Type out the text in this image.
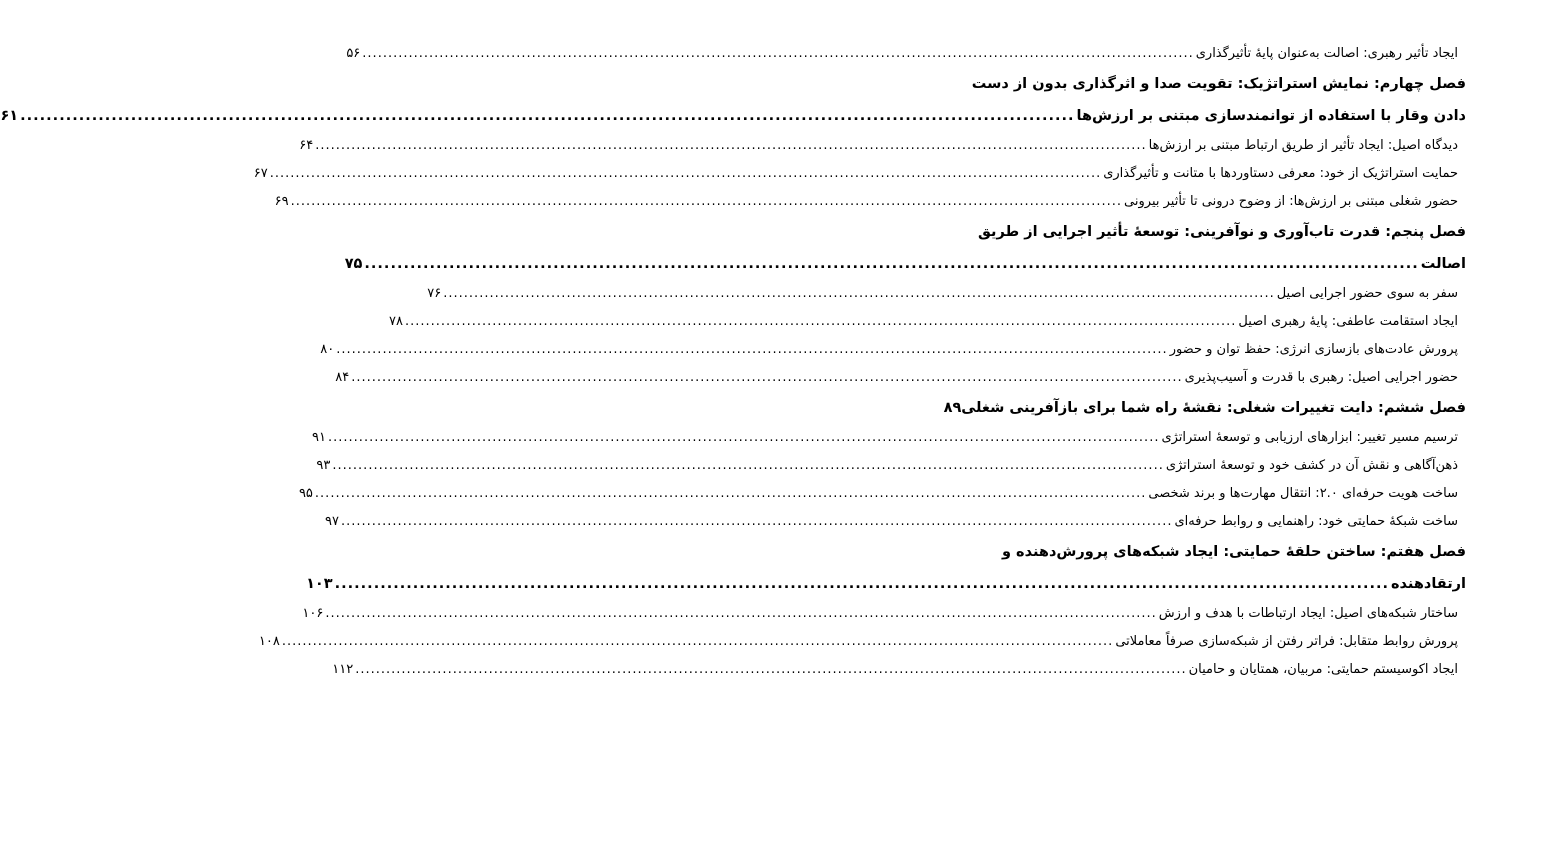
ایجاد تأثیر رهبری: اصالت به‌عنوان پایهٔ تأثیرگذاری
.....
۵۶
فصل چهارم: نمایش استراتژیک: تقویت صدا و اثرگذاری بدون از دست
دادن وقار با استفاده از توانمندسازی مبتنی بر ارزش‌ها
.....
۶۱
دیدگاه اصیل: ایجاد تأثیر از طریق ارتباط مبتنی بر ارزش‌ها
.....
۶۴
حمایت استراتژیک از خود: معرفی دستاوردها با متانت و تأثیرگذاری
.....
۶۷
حضور شغلی مبتنی بر ارزش‌ها: از وضوح درونی تا تأثیر بیرونی
.....
۶۹
فصل پنجم: قدرت تاب‌آوری و نوآفرینی: توسعهٔ تأثیر اجرایی از طریق
اصالت
.....
۷۵
سفر به سوی حضور اجرایی اصیل
.....
۷۶
ایجاد استقامت عاطفی: پایهٔ رهبری اصیل
.....
۷۸
پرورش عادت‌های بازسازی انرژی: حفظ توان و حضور
.....
۸۰
حضور اجرایی اصیل: رهبری با قدرت و آسیب‌پذیری
.....
۸۴
فصل ششم: دایت تغییرات شغلی: نقشهٔ راه شما برای بازآفرینی شغلی
۸۹
ترسیم مسیر تغییر: ابزارهای ارزیابی و توسعهٔ استراتژی
.....
۹۱
ذهن‌آگاهی و نقش آن در کشف خود و توسعهٔ استراتژی
.....
۹۳
ساخت هویت حرفه‌ای ۲.۰: انتقال مهارت‌ها و برند شخصی
.....
۹۵
ساخت شبکهٔ حمایتی خود: راهنمایی و روابط حرفه‌ای
.....
۹۷
فصل هفتم: ساختن حلقهٔ حمایتی: ایجاد شبکه‌های پرورش‌دهنده و
ارتقادهنده
.....
۱۰۳
ساختار شبکه‌های اصیل: ایجاد ارتباطات با هدف و ارزش
.....
۱۰۶
پرورش روابط متقابل: فراتر رفتن از شبکه‌سازی صرفاً معاملاتی
.....
۱۰۸
ایجاد اکوسیستم حمایتی: مربیان، همتایان و حامیان
.....
۱۱۲
